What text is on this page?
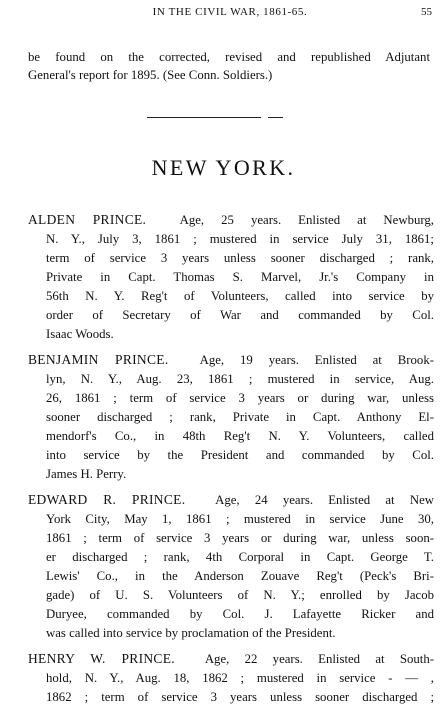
IN THE CIVIL WAR, 1861-65.	55
be found on the corrected, revised and republished Adjutant
General's report for 1895. (See Conn. Soldiers.)
NEW YORK.
ALDEN PRINCE.	Age, 25 years. Enlisted at Newburg,
N. Y., July 3, 1861 ; mustered in service July 31, 1861;
term of service 3 years unless sooner discharged ; rank,
Private in Capt. Thomas S. Marvel, Jr.'s Company in
56th N. Y. Reg't of Volunteers, called into service by
order of Secretary of War and commanded by Col.
Isaac Woods.
BENJAMIN PRINCE. Age, 19 years. Enlisted at Brook-
lyn, N. Y., Aug. 23, 1861 ; mustered in service, Aug.
26, 1861 ; term of service 3 years or during war, unless
sooner discharged ; rank, Private in Capt. Anthony El-
mendorf's Co., in 48th Reg't N. Y. Volunteers, called
into service by the President and commanded by Col.
James H. Perry.
EDWARD R. PRINCE. Age, 24 years. Enlisted at New
York City, May 1, 1861 ; mustered in service June 30,
1861 ; term of service 3 years or during war, unless soon-
er discharged ; rank, 4th Corporal in Capt. George T.
Lewis' Co., in the Anderson Zouave Reg't (Peck's Bri-
gade) of U. S. Volunteers of N. Y.; enrolled by Jacob
Duryee, commanded by Col. J. Lafayette Ricker and
was called into service by proclamation of the President.
HENRY W. PRINCE. Age, 22 years. Enlisted at South-
hold, N. Y., Aug. 18, 1862 ; mustered in service - — ,
1862 ; term of service 3 years unless sooner discharged ;
